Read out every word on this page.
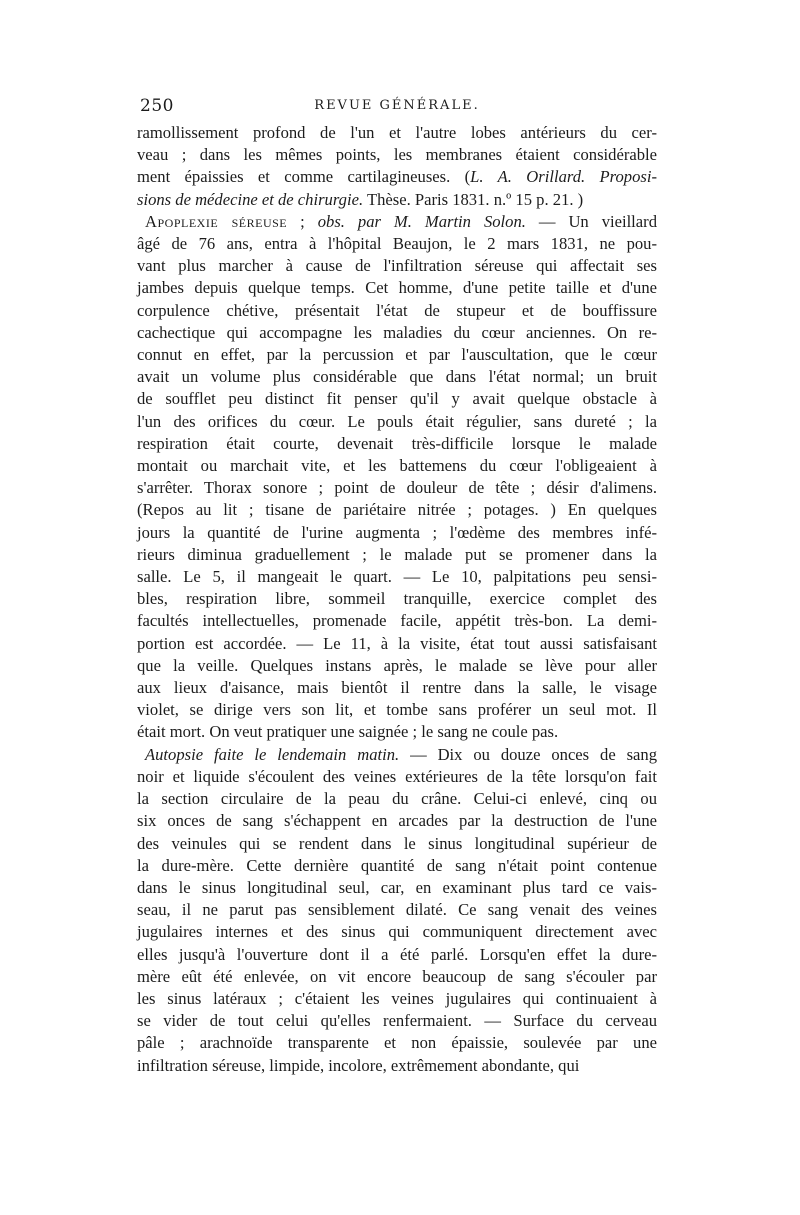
250	REVUE GÉNÉRALE.
ramollissement profond de l'un et l'autre lobes antérieurs du cer-
veau ; dans les mêmes points, les membranes étaient considérable
ment épaissies et comme cartilagineuses. (L. A. Orillard. Proposi-
sions de médecine et de chirurgie. Thèse. Paris 1831. n.º 15 p. 21. )
Apoplexie séreuse ; obs. par M. Martin Solon. — Un vieillard
âgé de 76 ans, entra à l'hôpital Beaujon, le 2 mars 1831, ne pou-
vant plus marcher à cause de l'infiltration séreuse qui affectait ses
jambes depuis quelque temps. Cet homme, d'une petite taille et d'une
corpulence chétive, présentait l'état de stupeur et de bouffissure
cachectique qui accompagne les maladies du cœur anciennes. On re-
connut en effet, par la percussion et par l'auscultation, que le cœur
avait un volume plus considérable que dans l'état normal; un bruit
de soufflet peu distinct fit penser qu'il y avait quelque obstacle à
l'un des orifices du cœur. Le pouls était régulier, sans dureté ; la
respiration était courte, devenait très-difficile lorsque le malade
montait ou marchait vite, et les battemens du cœur l'obligeaient à
s'arrêter. Thorax sonore ; point de douleur de tête ; désir d'alimens.
(Repos au lit ; tisane de pariétaire nitrée ; potages. ) En quelques
jours la quantité de l'urine augmenta ; l'œdème des membres infé-
rieurs diminua graduellement ; le malade put se promener dans la
salle. Le 5, il mangeait le quart. — Le 10, palpitations peu sensi-
bles, respiration libre, sommeil tranquille, exercice complet des
facultés intellectuelles, promenade facile, appétit très-bon. La demi-
portion est accordée. — Le 11, à la visite, état tout aussi satisfaisant
que la veille. Quelques instans après, le malade se lève pour aller
aux lieux d'aisance, mais bientôt il rentre dans la salle, le visage
violet, se dirige vers son lit, et tombe sans proférer un seul mot. Il
était mort. On veut pratiquer une saignée ; le sang ne coule pas.
Autopsie faite le lendemain matin. — Dix ou douze onces de sang
noir et liquide s'écoulent des veines extérieures de la tête lorsqu'on fait
la section circulaire de la peau du crâne. Celui-ci enlevé, cinq ou
six onces de sang s'échappent en arcades par la destruction de l'une
des veinules qui se rendent dans le sinus longitudinal supérieur de
la dure-mère. Cette dernière quantité de sang n'était point contenue
dans le sinus longitudinal seul, car, en examinant plus tard ce vais-
seau, il ne parut pas sensiblement dilaté. Ce sang venait des veines
jugulaires internes et des sinus qui communiquent directement avec
elles jusqu'à l'ouverture dont il a été parlé. Lorsqu'en effet la dure-
mère eût été enlevée, on vit encore beaucoup de sang s'écouler par
les sinus latéraux ; c'étaient les veines jugulaires qui continuaient à
se vider de tout celui qu'elles renfermaient. — Surface du cerveau
pâle ; arachnoïde transparente et non épaissie, soulevée par une
infiltration séreuse, limpide, incolore, extrêmement abondante, qui
